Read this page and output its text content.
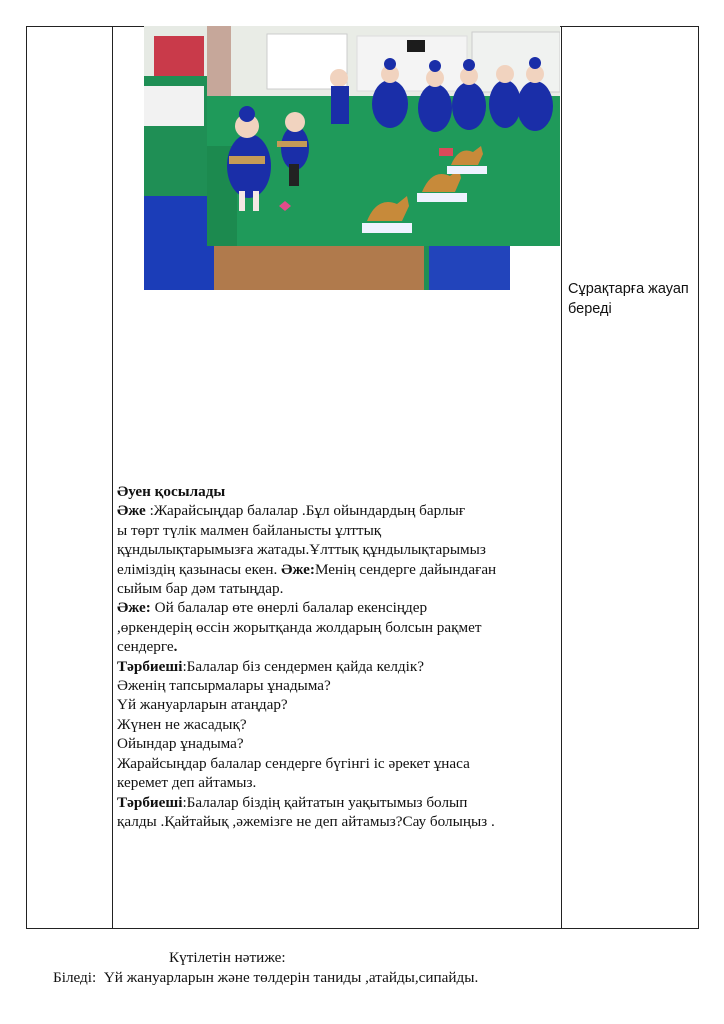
Әуен қосылады

Әже :Жарайсыңдар балалар .Бұл ойындардың барлығ

ы төрт түлік малмен байланысты ұлттық

құндылықтарымызға жатады.Ұлттық құндылықтарымыз

еліміздің қазынасы екен. Әже:Менің сендерге дайындаған

сыйым бар дәм татыңдар.

Әже: Ой балалар өте өнерлі балалар екенсіңдер

,өркендерің өссін жорытқанда жолдарың болсын рақмет

сендерге.

Тәрбиеші:Балалар біз сендермен қайда келдік?

Әженің тапсырмалары ұнадыма?

Үй жануарларын атаңдар?

Жүнен не жасадық?

Ойындар ұнадыма?

Жарайсыңдар балалар сендерге бүгінгі іс әрекет ұнаса

керемет деп айтамыз.

Тәрбиеші:Балалар біздің қайтатын уақытымыз болып

қалды .Қайтайық ,әжемізге не деп айтамыз?Сау болыңыз .

Сұрақтарға жауап береді
Күтілетін нәтиже:
Біледі:  Үй жануарларын және төлдерін таниды ,атайды,сипайды.
